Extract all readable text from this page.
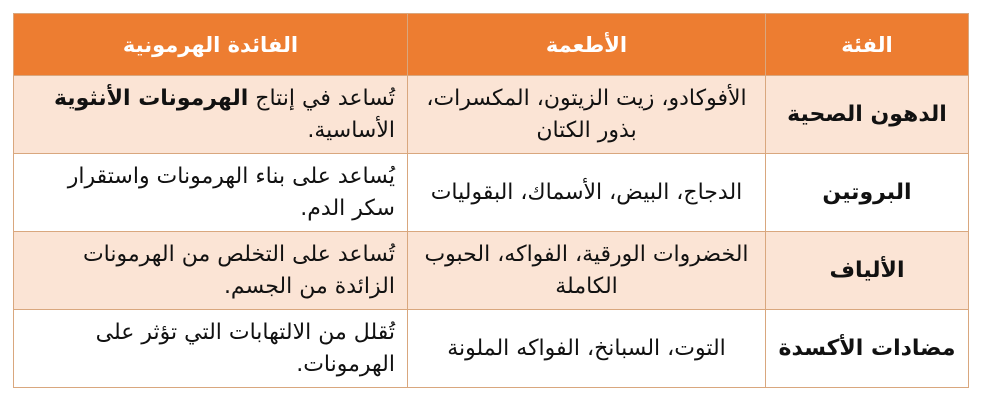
الفئة	الأطعمة	الفائدة الهرمونية
الدهون الصحية	الأفوكادو، زيت الزيتون، المكسرات، بذور الكتان	تُساعد في إنتاج الهرمونات الأنثوية الأساسية.
البروتين	الدجاج، البيض، الأسماك، البقوليات	يُساعد على بناء الهرمونات واستقرار سكر الدم.
الألياف	الخضروات الورقية، الفواكه، الحبوب الكاملة	تُساعد على التخلص من الهرمونات الزائدة من الجسم.
مضادات الأكسدة	التوت، السبانخ، الفواكه الملونة	تُقلل من الالتهابات التي تؤثر على الهرمونات.
